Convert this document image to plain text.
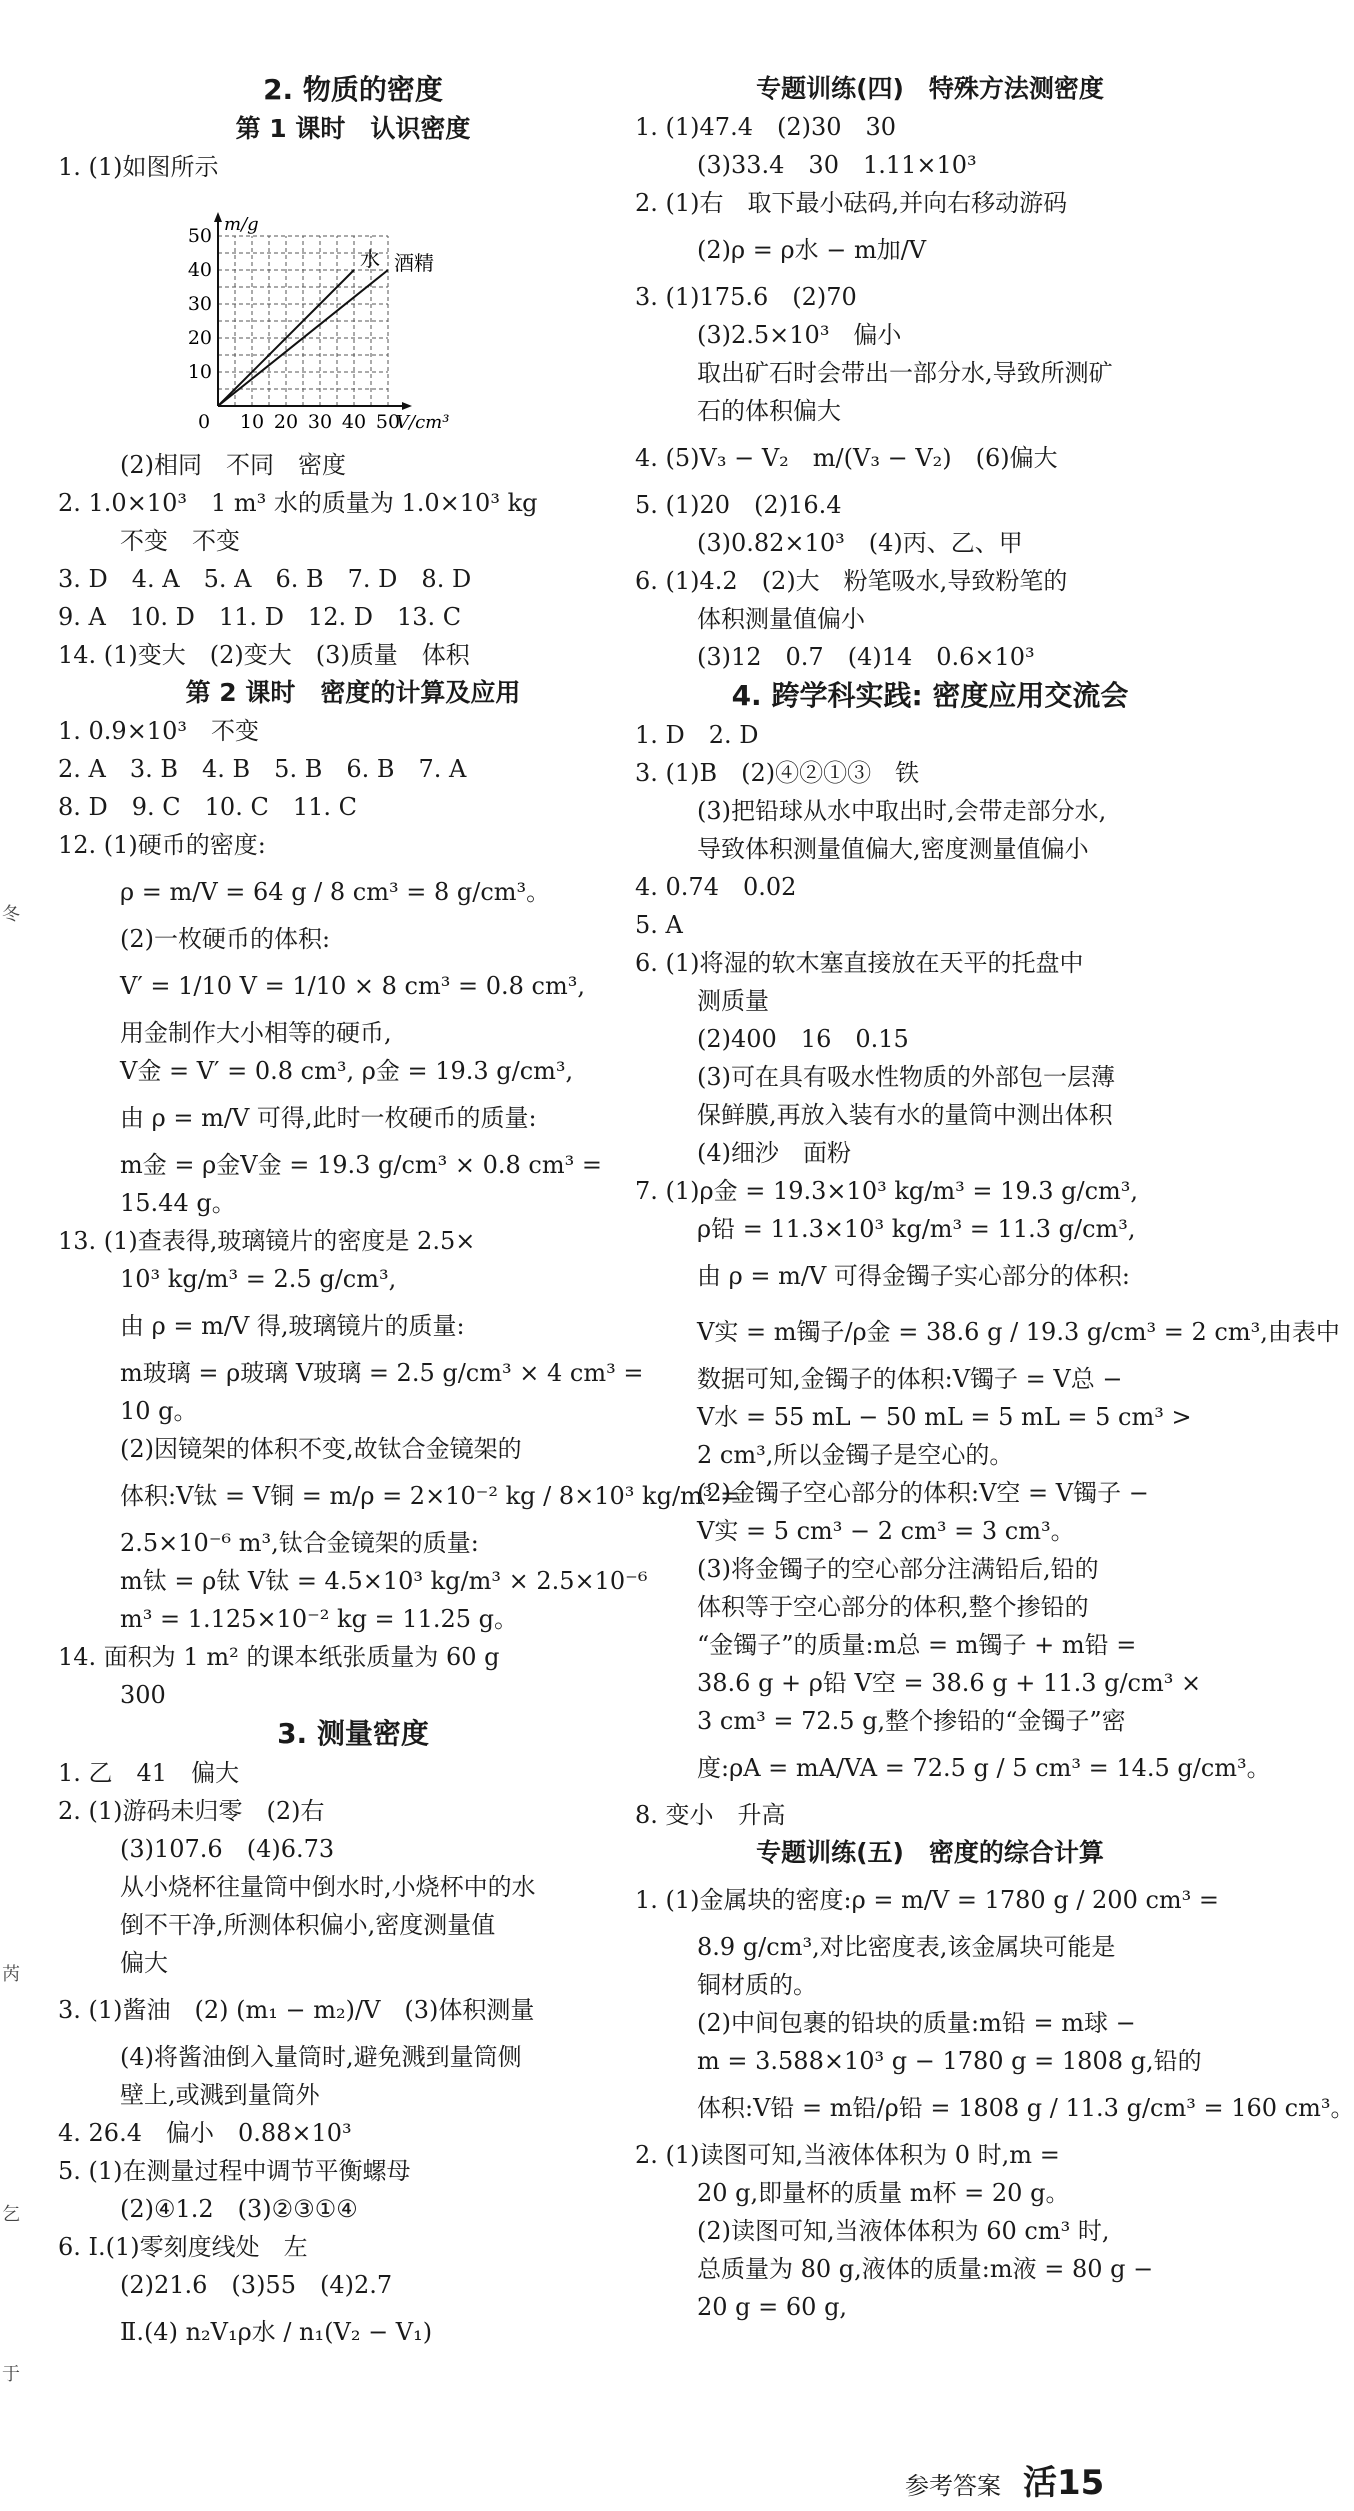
2. 物质的密度
第 1 课时　认识密度
1. (1)如图所示
0 10 20 30 40 50
10
20
30
40
50
V/cm³
m/g
水 酒精
(2)相同　不同　密度
2. 1.0×10³　1 m³ 水的质量为 1.0×10³ kg
不变　不变
3. D　4. A　5. A　6. B　7. D　8. D
9. A　10. D　11. D　12. D　13. C
14. (1)变大　(2)变大　(3)质量　体积
第 2 课时　密度的计算及应用
1. 0.9×10³　不变
2. A　3. B　4. B　5. B　6. B　7. A
8. D　9. C　10. C　11. C
12. (1)硬币的密度:
ρ = m/V = 64 g / 8 cm³ = 8 g/cm³。
(2)一枚硬币的体积:
V′ = 1/10 V = 1/10 × 8 cm³ = 0.8 cm³,
用金制作大小相等的硬币,
V金 = V′ = 0.8 cm³, ρ金 = 19.3 g/cm³,
由 ρ = m/V 可得,此时一枚硬币的质量:
m金 = ρ金V金 = 19.3 g/cm³ × 0.8 cm³ =
15.44 g。
13. (1)查表得,玻璃镜片的密度是 2.5×
10³ kg/m³ = 2.5 g/cm³,
由 ρ = m/V 得,玻璃镜片的质量:
m玻璃 = ρ玻璃 V玻璃 = 2.5 g/cm³ × 4 cm³ =
10 g。
(2)因镜架的体积不变,故钛合金镜架的
体积:V钛 = V铜 = m/ρ = 2×10⁻² kg / 8×10³ kg/m³ =
2.5×10⁻⁶ m³,钛合金镜架的质量:
m钛 = ρ钛 V钛 = 4.5×10³ kg/m³ × 2.5×10⁻⁶
m³ = 1.125×10⁻² kg = 11.25 g。
14. 面积为 1 m² 的课本纸张质量为 60 g
300
3. 测量密度
1. 乙　41　偏大
2. (1)游码未归零　(2)右
(3)107.6　(4)6.73
从小烧杯往量筒中倒水时,小烧杯中的水
倒不干净,所测体积偏小,密度测量值
偏大
3. (1)酱油　(2) (m₁ − m₂)/V　(3)体积测量
(4)将酱油倒入量筒时,避免溅到量筒侧
壁上,或溅到量筒外
4. 26.4　偏小　0.88×10³
5. (1)在测量过程中调节平衡螺母
(2)④1.2　(3)②③①④
6. Ⅰ.(1)零刻度线处　左
(2)21.6　(3)55　(4)2.7
Ⅱ.(4) n₂V₁ρ水 / n₁(V₂ − V₁)
专题训练(四)　特殊方法测密度
1. (1)47.4　(2)30　30
(3)33.4　30　1.11×10³
2. (1)右　取下最小砝码,并向右移动游码
(2)ρ = ρ水 − m加/V
3. (1)175.6　(2)70
(3)2.5×10³　偏小
取出矿石时会带出一部分水,导致所测矿
石的体积偏大
4. (5)V₃ − V₂　m/(V₃ − V₂)　(6)偏大
5. (1)20　(2)16.4
(3)0.82×10³　(4)丙、乙、甲
6. (1)4.2　(2)大　粉笔吸水,导致粉笔的
体积测量值偏小
(3)12　0.7　(4)14　0.6×10³
4. 跨学科实践: 密度应用交流会
1. D　2. D
3. (1)B　(2)④②①③　铁
(3)把铅球从水中取出时,会带走部分水,
导致体积测量值偏大,密度测量值偏小
4. 0.74　0.02
5. A
6. (1)将湿的软木塞直接放在天平的托盘中
测质量
(2)400　16　0.15
(3)可在具有吸水性物质的外部包一层薄
保鲜膜,再放入装有水的量筒中测出体积
(4)细沙　面粉
7. (1)ρ金 = 19.3×10³ kg/m³ = 19.3 g/cm³,
ρ铅 = 11.3×10³ kg/m³ = 11.3 g/cm³,
由 ρ = m/V 可得金镯子实心部分的体积:
V实 = m镯子/ρ金 = 38.6 g / 19.3 g/cm³ = 2 cm³,由表中
数据可知,金镯子的体积:V镯子 = V总 −
V水 = 55 mL − 50 mL = 5 mL = 5 cm³ >
2 cm³,所以金镯子是空心的。
(2)金镯子空心部分的体积:V空 = V镯子 −
V实 = 5 cm³ − 2 cm³ = 3 cm³。
(3)将金镯子的空心部分注满铅后,铅的
体积等于空心部分的体积,整个掺铅的
“金镯子”的质量:m总 = m镯子 + m铅 =
38.6 g + ρ铅 V空 = 38.6 g + 11.3 g/cm³ ×
3 cm³ = 72.5 g,整个掺铅的“金镯子”密
度:ρA = mA/VA = 72.5 g / 5 cm³ = 14.5 g/cm³。
8. 变小　升高
专题训练(五)　密度的综合计算
1. (1)金属块的密度:ρ = m/V = 1780 g / 200 cm³ =
8.9 g/cm³,对比密度表,该金属块可能是
铜材质的。
(2)中间包裹的铅块的质量:m铅 = m球 −
m = 3.588×10³ g − 1780 g = 1808 g,铅的
体积:V铅 = m铅/ρ铅 = 1808 g / 11.3 g/cm³ = 160 cm³。
2. (1)读图可知,当液体体积为 0 时,m =
20 g,即量杯的质量 m杯 = 20 g。
(2)读图可知,当液体体积为 60 cm³ 时,
总质量为 80 g,液体的质量:m液 = 80 g −
20 g = 60 g,
参考答案 活15
冬
芮
乞
于
